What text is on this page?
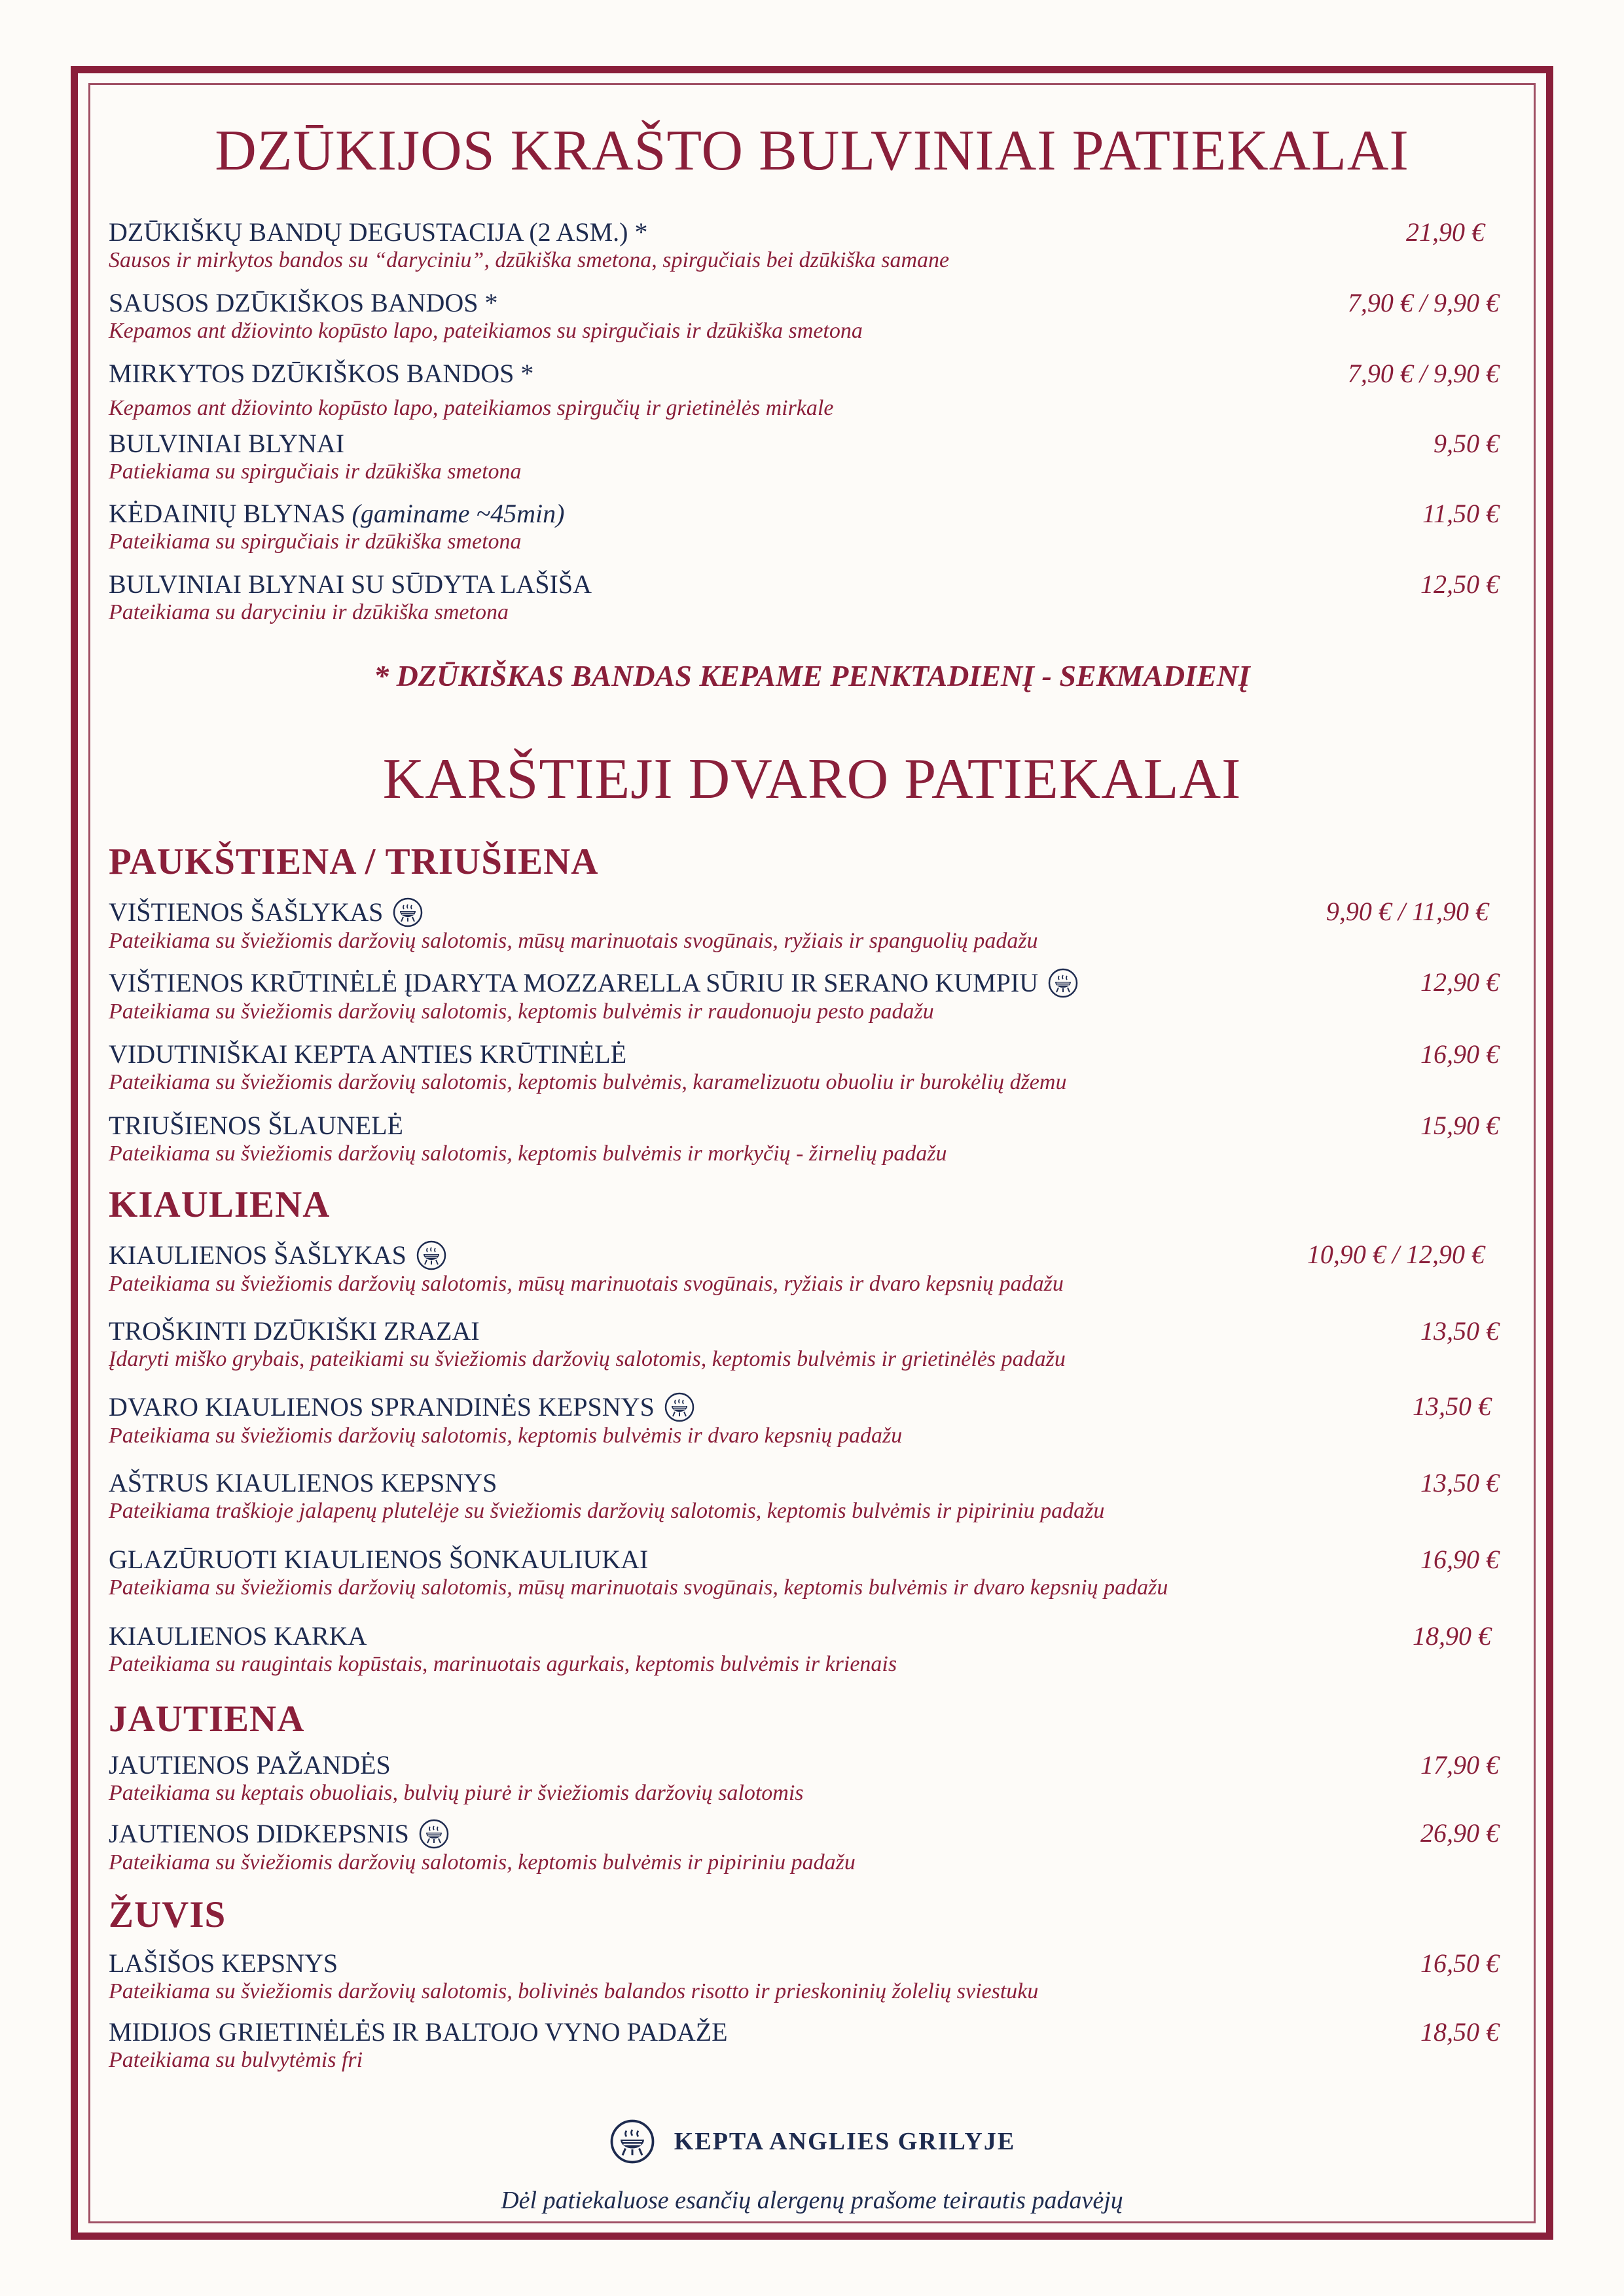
DZŪKIJOS KRAŠTO BULVINIAI PATIEKALAI
DZŪKIŠKŲ BANDŲ DEGUSTACIJA (2 ASM.) *
Sausos ir mirkytos bandos su “daryciniu”, dzūkiška smetona, spirgučiais bei dzūkiška samane
21,90 €
SAUSOS DZŪKIŠKOS BANDOS *
Kepamos ant džiovinto kopūsto lapo, pateikiamos su spirgučiais ir dzūkiška smetona
7,90 € / 9,90 €
MIRKYTOS DZŪKIŠKOS BANDOS *
Kepamos ant džiovinto kopūsto lapo, pateikiamos spirgučių ir grietinėlės mirkale
7,90 € / 9,90 €
BULVINIAI BLYNAI
Patiekiama su spirgučiais ir dzūkiška smetona
9,50 €
KĖDAINIŲ BLYNAS (gaminame ~45min)
Pateikiama su spirgučiais ir dzūkiška smetona
11,50 €
BULVINIAI BLYNAI SU SŪDYTA LAŠIŠA
Pateikiama su daryciniu ir dzūkiška smetona
12,50 €
* DZŪKIŠKAS BANDAS KEPAME PENKTADIENĮ - SEKMADIENĮ
KARŠTIEJI DVARO PATIEKALAI
PAUKŠTIENA / TRIUŠIENA
VIŠTIENOS ŠAŠLYKAS
Pateikiama su šviežiomis daržovių salotomis, mūsų marinuotais svogūnais, ryžiais ir spanguolių padažu
9,90 € / 11,90 €
VIŠTIENOS KRŪTINĖLĖ ĮDARYTA MOZZARELLA SŪRIU IR SERANO KUMPIU
Pateikiama su šviežiomis daržovių salotomis, keptomis bulvėmis ir raudonuoju pesto padažu
12,90 €
VIDUTINIŠKAI KEPTA ANTIES KRŪTINĖLĖ
Pateikiama su šviežiomis daržovių salotomis, keptomis bulvėmis, karamelizuotu obuoliu ir burokėlių džemu
16,90 €
TRIUŠIENOS ŠLAUNELĖ
Pateikiama su šviežiomis daržovių salotomis, keptomis bulvėmis ir morkyčių - žirnelių padažu
15,90 €
KIAULIENA
KIAULIENOS ŠAŠLYKAS
Pateikiama su šviežiomis daržovių salotomis, mūsų marinuotais svogūnais, ryžiais ir dvaro kepsnių padažu
10,90 € / 12,90 €
TROŠKINTI DZŪKIŠKI ZRAZAI
Įdaryti miško grybais, pateikiami su šviežiomis daržovių salotomis, keptomis bulvėmis ir grietinėlės padažu
13,50 €
DVARO KIAULIENOS SPRANDINĖS KEPSNYS
Pateikiama su šviežiomis daržovių salotomis, keptomis bulvėmis ir dvaro kepsnių padažu
13,50 €
AŠTRUS KIAULIENOS KEPSNYS
Pateikiama traškioje jalapenų plutelėje su šviežiomis daržovių salotomis, keptomis bulvėmis ir pipiriniu padažu
13,50 €
GLAZŪRUOTI KIAULIENOS ŠONKAULIUKAI
Pateikiama su šviežiomis daržovių salotomis, mūsų marinuotais svogūnais, keptomis bulvėmis ir dvaro kepsnių padažu
16,90 €
KIAULIENOS KARKA
Pateikiama su raugintais kopūstais, marinuotais agurkais, keptomis bulvėmis ir krienais
18,90 €
JAUTIENA
JAUTIENOS PAŽANDĖS
Pateikiama su keptais obuoliais, bulvių piurė ir šviežiomis daržovių salotomis
17,90 €
JAUTIENOS DIDKEPSNIS
Pateikiama su šviežiomis daržovių salotomis, keptomis bulvėmis ir pipiriniu padažu
26,90 €
ŽUVIS
LAŠIŠOS KEPSNYS
Pateikiama su šviežiomis daržovių salotomis, bolivinės balandos risotto ir prieskoninių žolelių sviestuku
16,50 €
MIDIJOS GRIETINĖLĖS IR BALTOJO VYNO PADAŽE
Pateikiama su bulvytėmis fri
18,50 €
KEPTA ANGLIES GRILYJE
Dėl patiekaluose esančių alergenų prašome teirautis padavėjų
